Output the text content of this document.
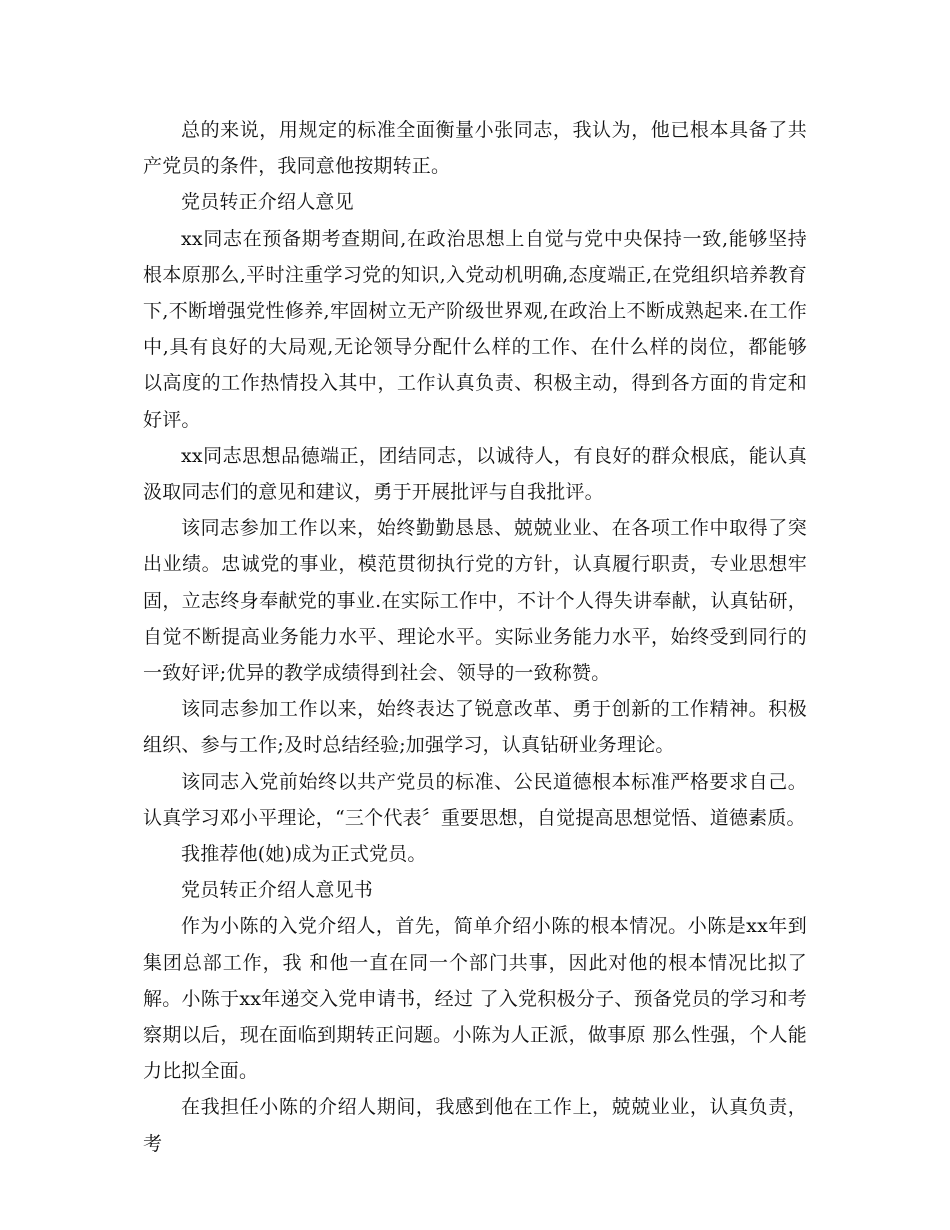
总的来说，用规定的标准全面衡量小张同志，我认为，他已根本具备了共产党员的条件，我同意他按期转正。

党员转正介绍人意见

xx同志在预备期考查期间,在政治思想上自觉与党中央保持一致,能够坚持根本原那么,平时注重学习党的知识,入党动机明确,态度端正,在党组织培养教育下,不断增强党性修养,牢固树立无产阶级世界观,在政治上不断成熟起来.在工作中,具有良好的大局观,无论领导分配什么样的工作、在什么样的岗位，都能够以高度的工作热情投入其中，工作认真负责、积极主动，得到各方面的肯定和好评。

xx同志思想品德端正，团结同志，以诚待人，有良好的群众根底，能认真汲取同志们的意见和建议，勇于开展批评与自我批评。

该同志参加工作以来，始终勤勤恳恳、兢兢业业、在各项工作中取得了突出业绩。忠诚党的事业，模范贯彻执行党的方针，认真履行职责，专业思想牢固，立志终身奉献党的事业.在实际工作中，不计个人得失讲奉献，认真钻研，自觉不断提高业务能力水平、理论水平。实际业务能力水平，始终受到同行的一致好评;优异的教学成绩得到社会、领导的一致称赞。

该同志参加工作以来，始终表达了锐意改革、勇于创新的工作精神。积极组织、参与工作;及时总结经验;加强学习，认真钻研业务理论。

该同志入党前始终以共产党员的标准、公民道德根本标准严格要求自己。认真学习邓小平理论，“三个代表〞重要思想，自觉提高思想觉悟、道德素质。

我推荐他(她)成为正式党员。

党员转正介绍人意见书

作为小陈的入党介绍人，首先，简单介绍小陈的根本情况。小陈是xx年到集团总部工作，我 和他一直在同一个部门共事，因此对他的根本情况比拟了解。小陈于xx年递交入党申请书，经过 了入党积极分子、预备党员的学习和考察期以后，现在面临到期转正问题。小陈为人正派，做事原 那么性强，个人能力比拟全面。

在我担任小陈的介绍人期间，我感到他在工作上，兢兢业业，认真负责，考
